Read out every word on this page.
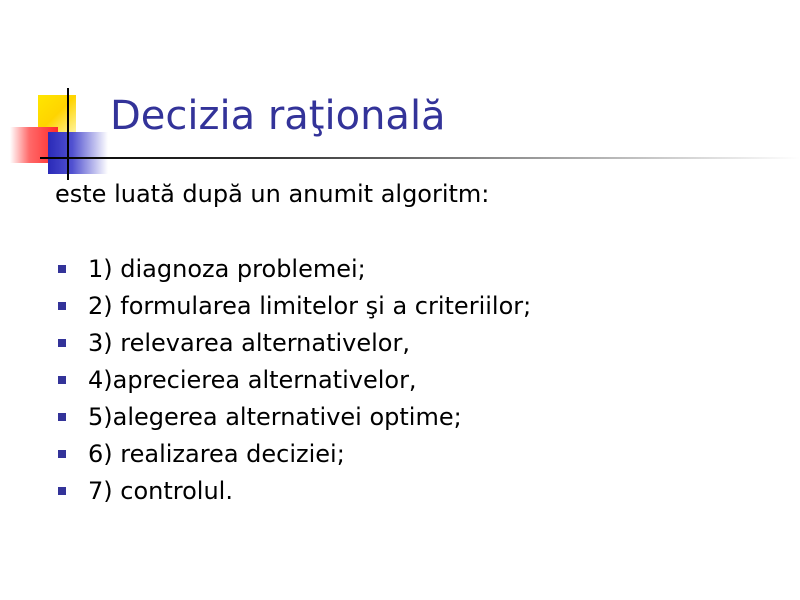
Decizia raţională
este luată după un anumit algoritm:
1) diagnoza problemei;
2) formularea limitelor şi a criteriilor;
3) relevarea alternativelor,
4)aprecierea alternativelor,
5)alegerea alternativei optime;
6) realizarea deciziei;
7) controlul.
